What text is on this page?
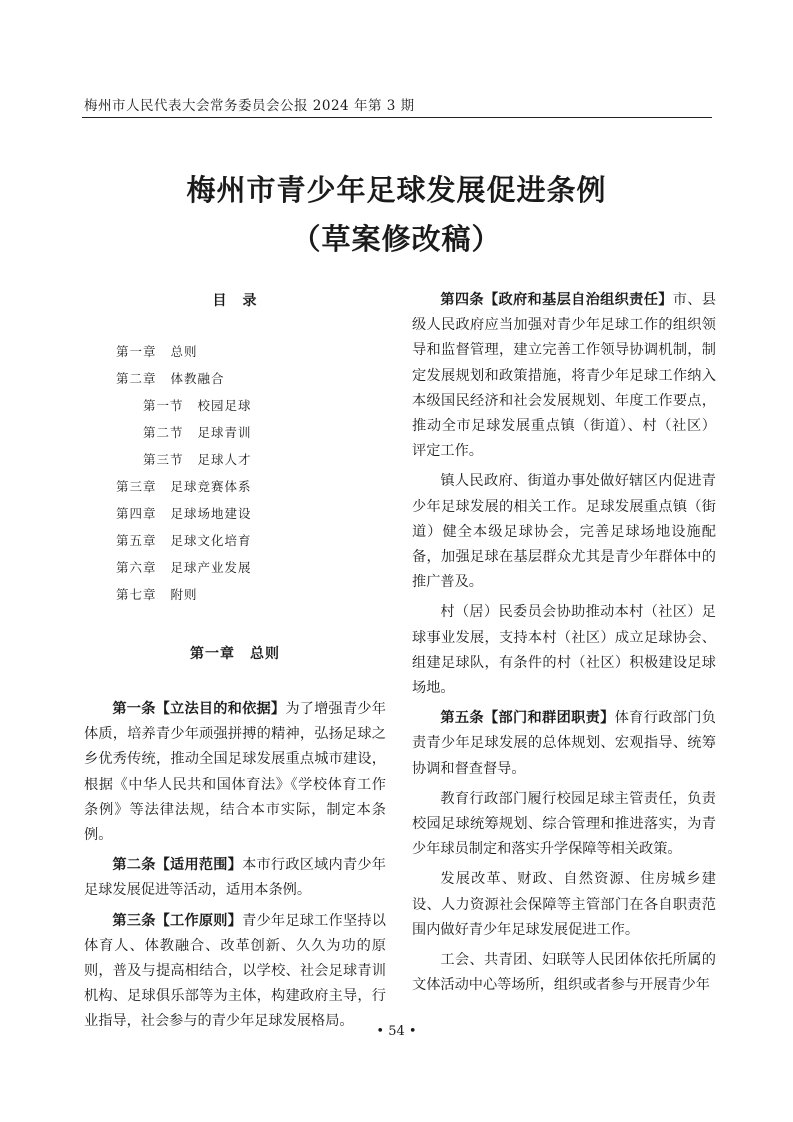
梅州市人民代表大会常务委员会公报 2024 年第 3 期
梅州市青少年足球发展促进条例
（草案修改稿）
目　录
第一章 总则
第二章 体教融合
第一节 校园足球
第二节 足球青训
第三节 足球人才
第三章 足球竞赛体系
第四章 足球场地建设
第五章 足球文化培育
第六章 足球产业发展
第七章 附则
第一章　总则

第一条【立法目的和依据】为了增强青少年体质，培养青少年顽强拼搏的精神，弘扬足球之乡优秀传统，推动全国足球发展重点城市建设，根据《中华人民共和国体育法》《学校体育工作条例》等法律法规，结合本市实际，制定本条例。

第二条【适用范围】本市行政区域内青少年足球发展促进等活动，适用本条例。

第三条【工作原则】青少年足球工作坚持以体育人、体教融合、改革创新、久久为功的原则，普及与提高相结合，以学校、社会足球青训机构、足球俱乐部等为主体，构建政府主导，行业指导，社会参与的青少年足球发展格局。

第四条【政府和基层自治组织责任】市、县级人民政府应当加强对青少年足球工作的组织领导和监督管理，建立完善工作领导协调机制，制定发展规划和政策措施，将青少年足球工作纳入本级国民经济和社会发展规划、年度工作要点，推动全市足球发展重点镇（街道）、村（社区）评定工作。

镇人民政府、街道办事处做好辖区内促进青少年足球发展的相关工作。足球发展重点镇（街道）健全本级足球协会，完善足球场地设施配备，加强足球在基层群众尤其是青少年群体中的推广普及。

村（居）民委员会协助推动本村（社区）足球事业发展，支持本村（社区）成立足球协会、组建足球队，有条件的村（社区）积极建设足球场地。

第五条【部门和群团职责】体育行政部门负责青少年足球发展的总体规划、宏观指导、统筹协调和督查督导。

教育行政部门履行校园足球主管责任，负责校园足球统筹规划、综合管理和推进落实，为青少年球员制定和落实升学保障等相关政策。

发展改革、财政、自然资源、住房城乡建设、人力资源社会保障等主管部门在各自职责范围内做好青少年足球发展促进工作。

工会、共青团、妇联等人民团体依托所属的文体活动中心等场所，组织或者参与开展青少年

• 54 •
